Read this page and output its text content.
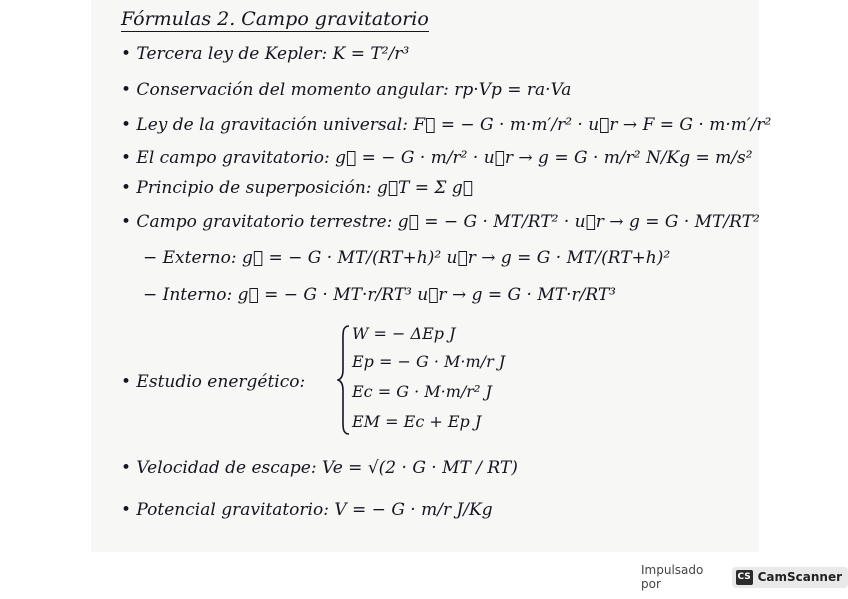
Fórmulas 2. Campo gravitatorio
• Tercera ley de Kepler: K = T²/r³
• Conservación del momento angular: rp·Vp = ra·Va
• Ley de la gravitación universal: F⃗ = − G · m·m′/r² · u⃗r → F = G · m·m′/r²
• El campo gravitatorio: g⃗ = − G · m/r² · u⃗r → g = G · m/r² N/Kg = m/s²
• Principio de superposición: g⃗T = Σ g⃗
• Campo gravitatorio terrestre: g⃗ = − G · MT/RT² · u⃗r → g = G · MT/RT²
− Externo: g⃗ = − G · MT/(RT+h)² u⃗r → g = G · MT/(RT+h)²
− Interno: g⃗ = − G · MT·r/RT³ u⃗r → g = G · MT·r/RT³
• Estudio energético:
W = − ΔEp J
Ep = − G · M·m/r J
Ec = G · M·m/r² J
EM = Ec + Ep J
• Velocidad de escape: Ve = √(2 · G · MT / RT)
• Potencial gravitatorio: V = − G · m/r J/Kg
Impulsado por	CS CamScanner
